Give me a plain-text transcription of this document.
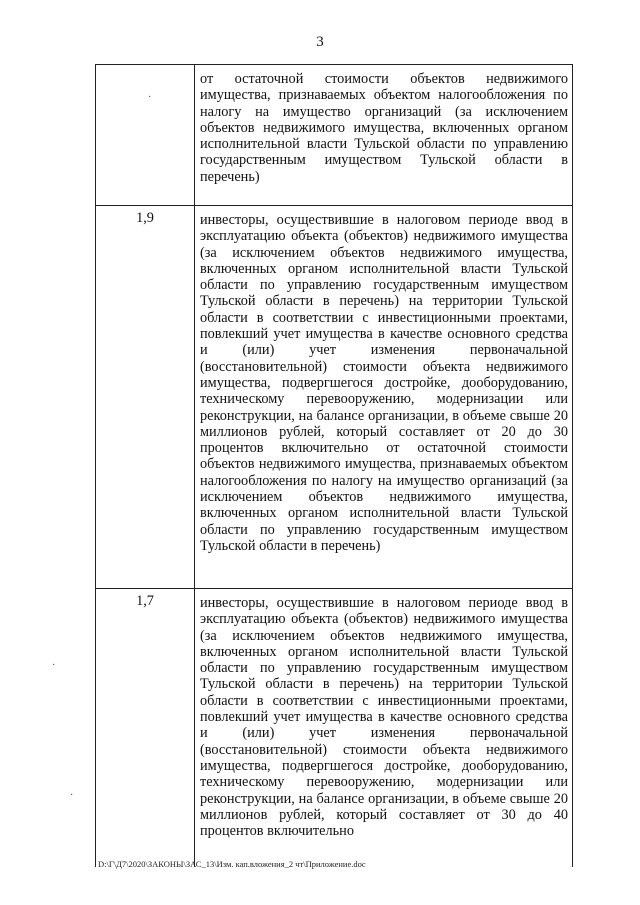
3
	от остаточной стоимости объектов недвижимого имущества, признаваемых объектом налогообложения по налогу на имущество организаций (за исключением объектов недвижимого имущества, включенных органом исполнительной власти Тульской области по управлению государственным имуществом Тульской области в перечень)
1,9	инвесторы, осуществившие в налоговом периоде ввод в эксплуатацию объекта (объектов) недвижимого имущества (за исключением объектов недвижимого имущества, включенных органом исполнительной власти Тульской области по управлению государственным имуществом Тульской области в перечень) на территории Тульской области в соответствии с инвестиционными проектами, повлекший учет имущества в качестве основного средства и (или) учет изменения первоначальной (восстановительной) стоимости объекта недвижимого имущества, подвергшегося достройке, дооборудованию, техническому перевооружению, модернизации или реконструкции, на балансе организации, в объеме свыше 20 миллионов рублей, который составляет от 20 до 30 процентов включительно от остаточной стоимости объектов недвижимого имущества, признаваемых объектом налогообложения по налогу на имущество организаций (за исключением объектов недвижимого имущества, включенных органом исполнительной власти Тульской области по управлению государственным имуществом Тульской области в перечень)
1,7	инвесторы, осуществившие в налоговом периоде ввод в эксплуатацию объекта (объектов) недвижимого имущества (за исключением объектов недвижимого имущества, включенных органом исполнительной власти Тульской области по управлению государственным имуществом Тульской области в перечень) на территории Тульской области в соответствии с инвестиционными проектами, повлекший учет имущества в качестве основного средства и (или) учет изменения первоначальной (восстановительной) стоимости объекта недвижимого имущества, подвергшегося достройке, дооборудованию, техническому перевооружению, модернизации или реконструкции, на балансе организации, в объеме свыше 20 миллионов рублей, который составляет от 30 до 40 процентов включительно
D:\Г\Д7\2020\ЗАКОНЫ\ЗАС_13\Изм. кап.вложения_2 чт\Приложение.doc
·
·
·
